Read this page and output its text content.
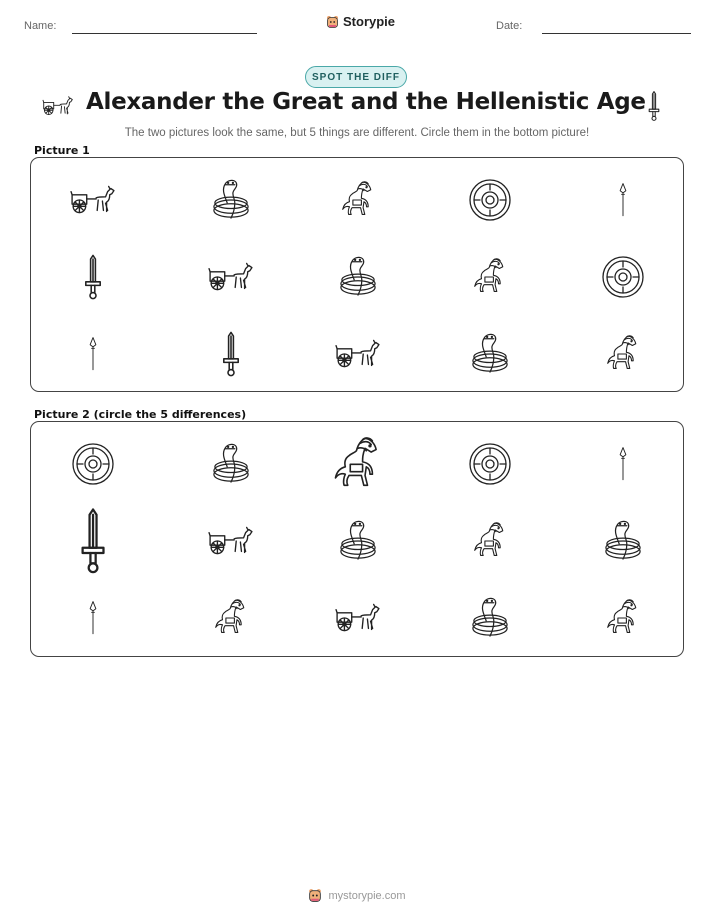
Name:	Storypie	Date:
SPOT THE DIFF
Alexander the Great and the Hellenistic Age
The two pictures look the same, but 5 things are different. Circle them in the bottom picture!
Picture 1
Picture 2 (circle the 5 differences)
mystorypie.com
